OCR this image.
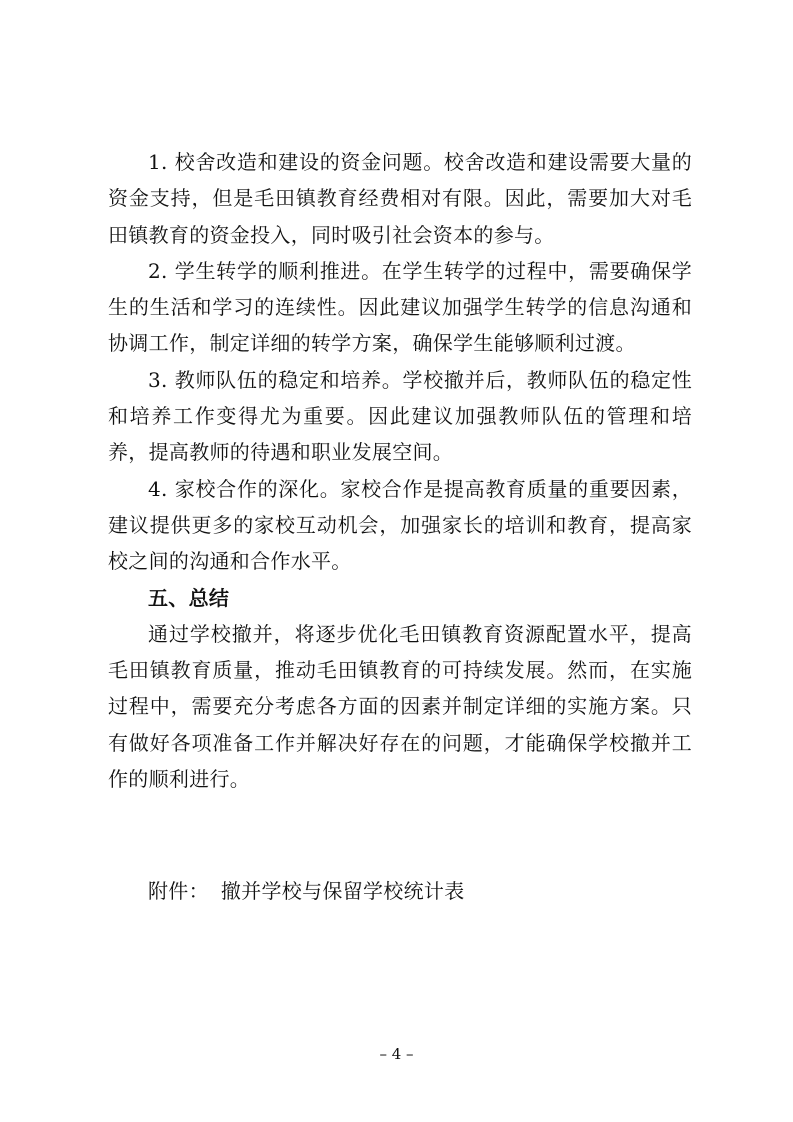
1. 校舍改造和建设的资金问题。校舍改造和建设需要大量的资金支持，但是毛田镇教育经费相对有限。因此，需要加大对毛田镇教育的资金投入，同时吸引社会资本的参与。

2. 学生转学的顺利推进。在学生转学的过程中，需要确保学生的生活和学习的连续性。因此建议加强学生转学的信息沟通和协调工作，制定详细的转学方案，确保学生能够顺利过渡。

3. 教师队伍的稳定和培养。学校撤并后，教师队伍的稳定性和培养工作变得尤为重要。因此建议加强教师队伍的管理和培养，提高教师的待遇和职业发展空间。

4. 家校合作的深化。家校合作是提高教育质量的重要因素，建议提供更多的家校互动机会，加强家长的培训和教育，提高家校之间的沟通和合作水平。

五、总结

通过学校撤并，将逐步优化毛田镇教育资源配置水平，提高毛田镇教育质量，推动毛田镇教育的可持续发展。然而，在实施过程中，需要充分考虑各方面的因素并制定详细的实施方案。只有做好各项准备工作并解决好存在的问题，才能确保学校撤并工作的顺利进行。

附件： 撤并学校与保留学校统计表
– 4 –
